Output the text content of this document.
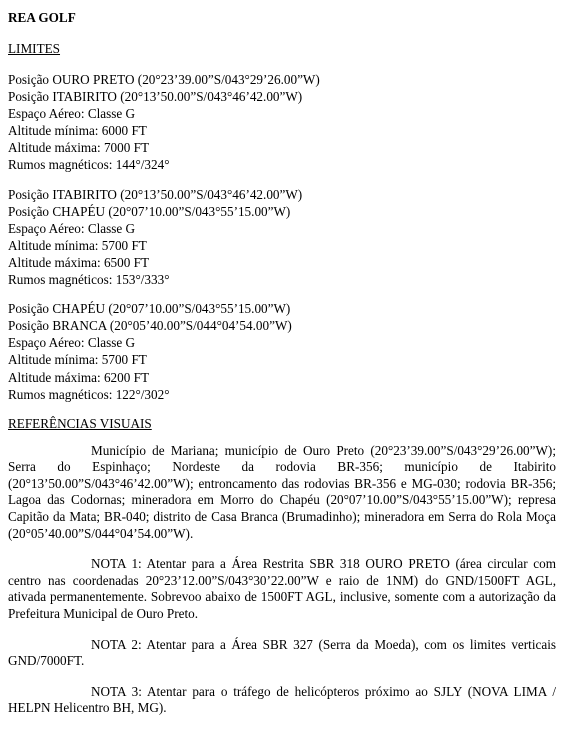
REA GOLF

LIMITES

Posição OURO PRETO (20°23’39.00”S/043°29’26.00”W)

Posição ITABIRITO (20°13’50.00”S/043°46’42.00”W)

Espaço Aéreo: Classe G

Altitude mínima: 6000 FT

Altitude máxima: 7000 FT

Rumos magnéticos: 144°/324°

Posição ITABIRITO (20°13’50.00”S/043°46’42.00”W)

Posição CHAPÉU (20°07’10.00”S/043°55’15.00”W)

Espaço Aéreo: Classe G

Altitude mínima: 5700 FT

Altitude máxima: 6500 FT

Rumos magnéticos: 153°/333°

Posição CHAPÉU (20°07’10.00”S/043°55’15.00”W)

Posição BRANCA (20°05’40.00”S/044°04’54.00”W)

Espaço Aéreo: Classe G

Altitude mínima: 5700 FT

Altitude máxima: 6200 FT

Rumos magnéticos: 122°/302°

REFERÊNCIAS VISUAIS

Município de Mariana; município de Ouro Preto (20°23’39.00”S/043°29’26.00”W); Serra do Espinhaço; Nordeste da rodovia BR-356; município de Itabirito (20°13’50.00”S/043°46’42.00”W); entroncamento das rodovias BR-356 e MG-030; rodovia BR-356; Lagoa das Codornas; mineradora em Morro do Chapéu (20°07’10.00”S/043°55’15.00”W); represa Capitão da Mata; BR-040; distrito de Casa Branca (Brumadinho); mineradora em Serra do Rola Moça (20°05’40.00”S/044°04’54.00”W).

NOTA 1: Atentar para a Área Restrita SBR 318 OURO PRETO (área circular com centro nas coordenadas 20°23’12.00”S/043°30’22.00”W e raio de 1NM) do GND/1500FT AGL, ativada permanentemente. Sobrevoo abaixo de 1500FT AGL, inclusive, somente com a autorização da Prefeitura Municipal de Ouro Preto.

NOTA 2: Atentar para a Área SBR 327 (Serra da Moeda), com os limites verticais GND/7000FT.

NOTA 3: Atentar para o tráfego de helicópteros próximo ao SJLY (NOVA LIMA / HELPN Helicentro BH, MG).
